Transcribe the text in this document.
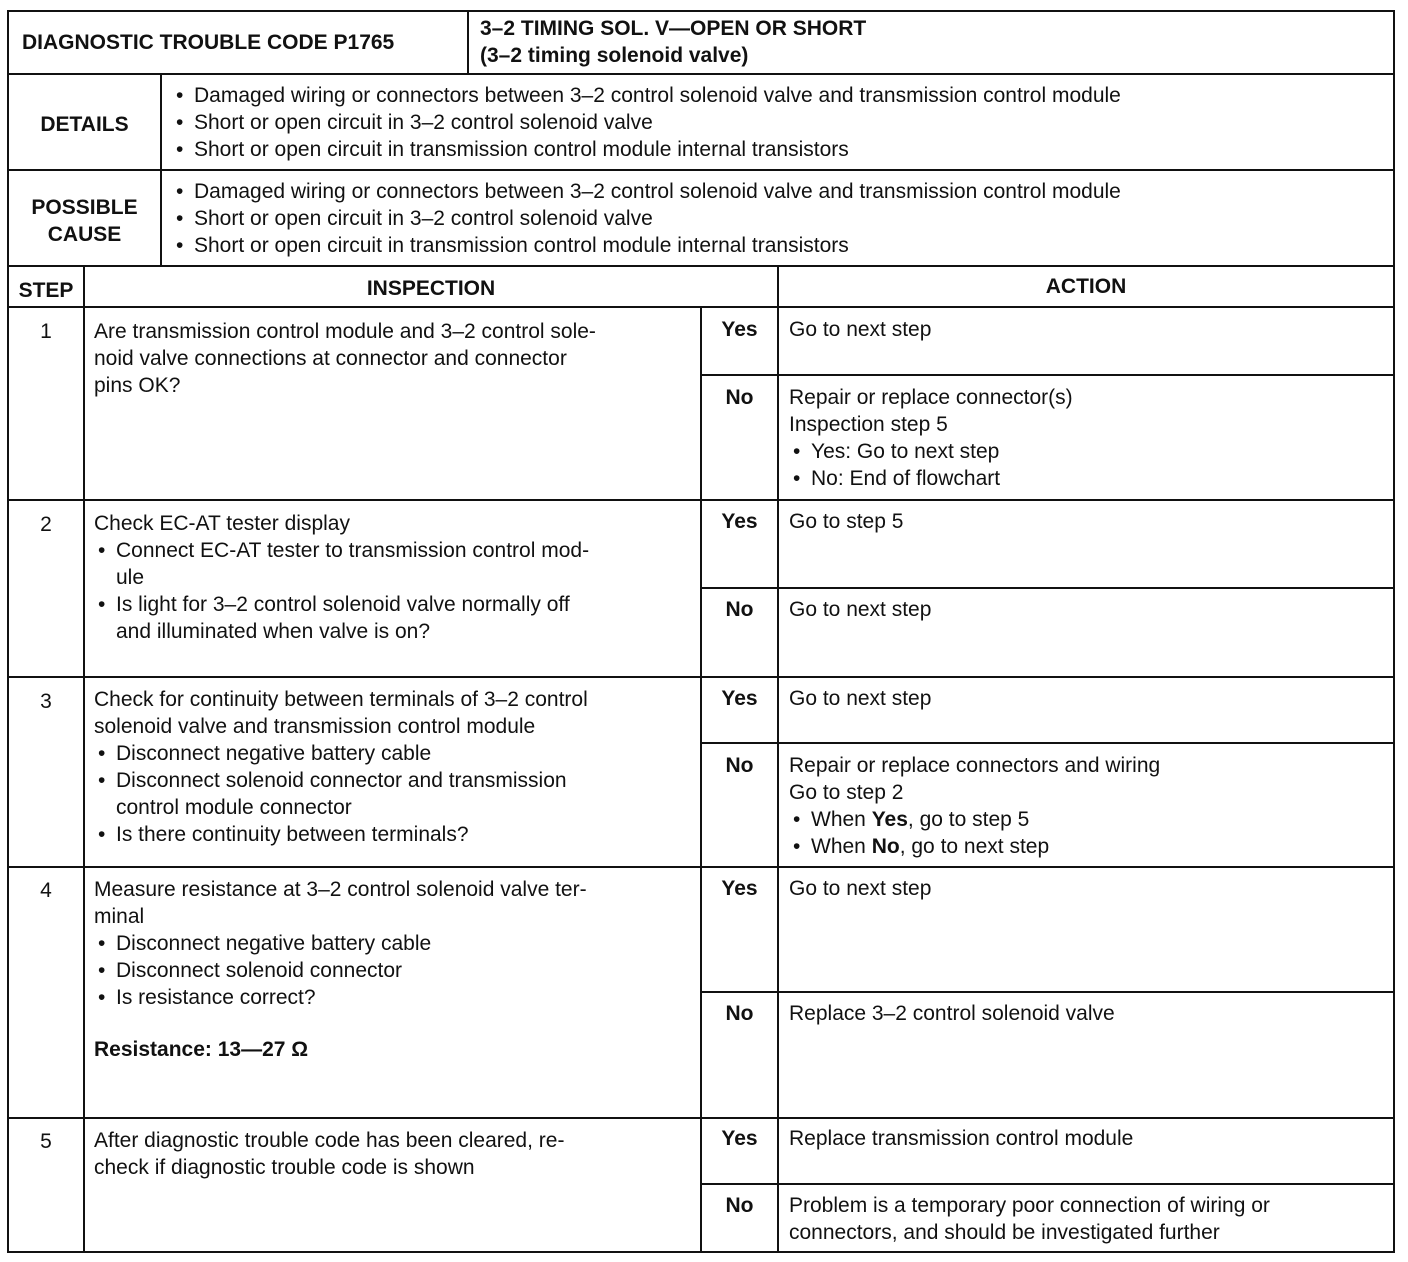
DIAGNOSTIC TROUBLE CODE P1765
3–2 TIMING SOL. V—OPEN OR SHORT
(3–2 timing solenoid valve)
DETAILS
• Damaged wiring or connectors between 3–2 control solenoid valve and transmission control module
• Short or open circuit in 3–2 control solenoid valve
• Short or open circuit in transmission control module internal transistors
POSSIBLE
CAUSE
• Damaged wiring or connectors between 3–2 control solenoid valve and transmission control module
• Short or open circuit in 3–2 control solenoid valve
• Short or open circuit in transmission control module internal transistors
STEP	INSPECTION	ACTION
1	Are transmission control module and 3–2 control sole-
noid valve connections at connector and connector
pins OK?
Yes	Go to next step
No	Repair or replace connector(s)
Inspection step 5
• Yes: Go to next step
• No: End of flowchart
2	Check EC-AT tester display
• Connect EC-AT tester to transmission control mod-
ule
• Is light for 3–2 control solenoid valve normally off
and illuminated when valve is on?
Yes	Go to step 5
No	Go to next step
3	Check for continuity between terminals of 3–2 control
solenoid valve and transmission control module
• Disconnect negative battery cable
• Disconnect solenoid connector and transmission
control module connector
• Is there continuity between terminals?
Yes	Go to next step
No	Repair or replace connectors and wiring
Go to step 2
• When Yes, go to step 5
• When No, go to next step
4	Measure resistance at 3–2 control solenoid valve ter-
minal
• Disconnect negative battery cable
• Disconnect solenoid connector
• Is resistance correct?
Resistance: 13—27 Ω
Yes	Go to next step
No	Replace 3–2 control solenoid valve
5	After diagnostic trouble code has been cleared, re-
check if diagnostic trouble code is shown
Yes	Replace transmission control module
No	Problem is a temporary poor connection of wiring or
connectors, and should be investigated further
